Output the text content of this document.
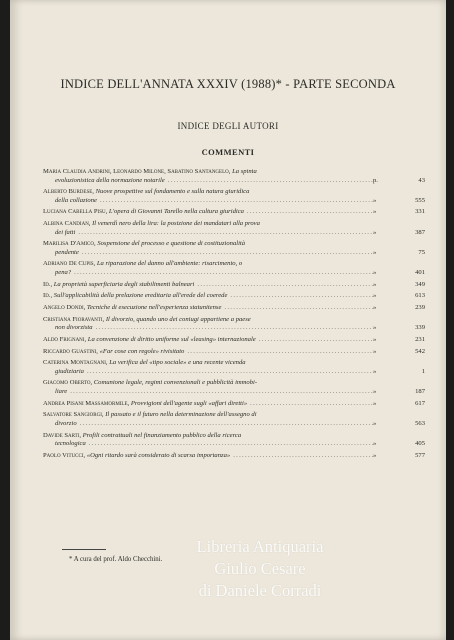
INDICE DELL'ANNATA XXXIV (1988)* - PARTE SECONDA
INDICE DEGLI AUTORI
COMMENTI
Maria Claudia Andrini, Leonardo Milone, Sabatino Santangelo,
La spinta
evoluzionistica della normazione notarile .....	p.	43
Alberto Burdese,
Nuove prospettive sul fondamento e sulla natura giuridica
della collazione .....	»	555
Luciana Cabella Pisu,
L'opera di Giovanni Tarello nella cultura giuridica .....	»	331
Albina Candian,
Il venerdì nero della lira: la posizione dei mandatari alla prova
dei fatti .....	»	387
Marilisa D'Amico,
Sospensione del processo e questione di costituzionalità
pendente .....	»	75
Adriano De Cupis,
La riparazione del danno all'ambiente: risarcimento, o
pena? .....	»	401
Id.,
La proprietà superficiaria degli stabilimenti balneari .....	»	349
Id.,
Sull'applicabilità della prelazione ereditaria all'erede del coerede .....	»	613
Angelo Dondi,
Tecniche di esecuzione nell'esperienza statunitense .....	»	239
Cristiana Fioravanti,
Il divorzio, quando uno dei coniugi appartiene a paese
non divorzista .....	»	339
Aldo Frignani,
La convenzione di diritto uniforme sul «leasing» internazionale .....	»	231
Riccardo Guastini,
«Far cose con regole» rivisitato .....	»	542
Caterina Montagnani,
La verifica del «tipo sociale» e una recente vicenda
giudiziaria .....	»	1
Giacomo Oberto,
Comunione legale, regimi convenzionali e pubblicità immobi-
liare .....	»	187
Andrea Pisani Massamormile,
Provvigioni dell'agente sugli «affari diretti» .....	»	617
Salvatore Sangiorgi,
Il passato e il futuro nella determinazione dell'assegno di
divorzio .....	»	563
Davide Sarti,
Profili contrattuali nel finanziamento pubblico della ricerca
tecnologica .....	»	405
Paolo Vitucci,
«Ogni ritardo sarà considerato di scarsa importanza» .....	»	577
* A cura del prof. Aldo Checchini.
Libreria Antiquaria
Giulio Cesare
di Daniele Corradi
